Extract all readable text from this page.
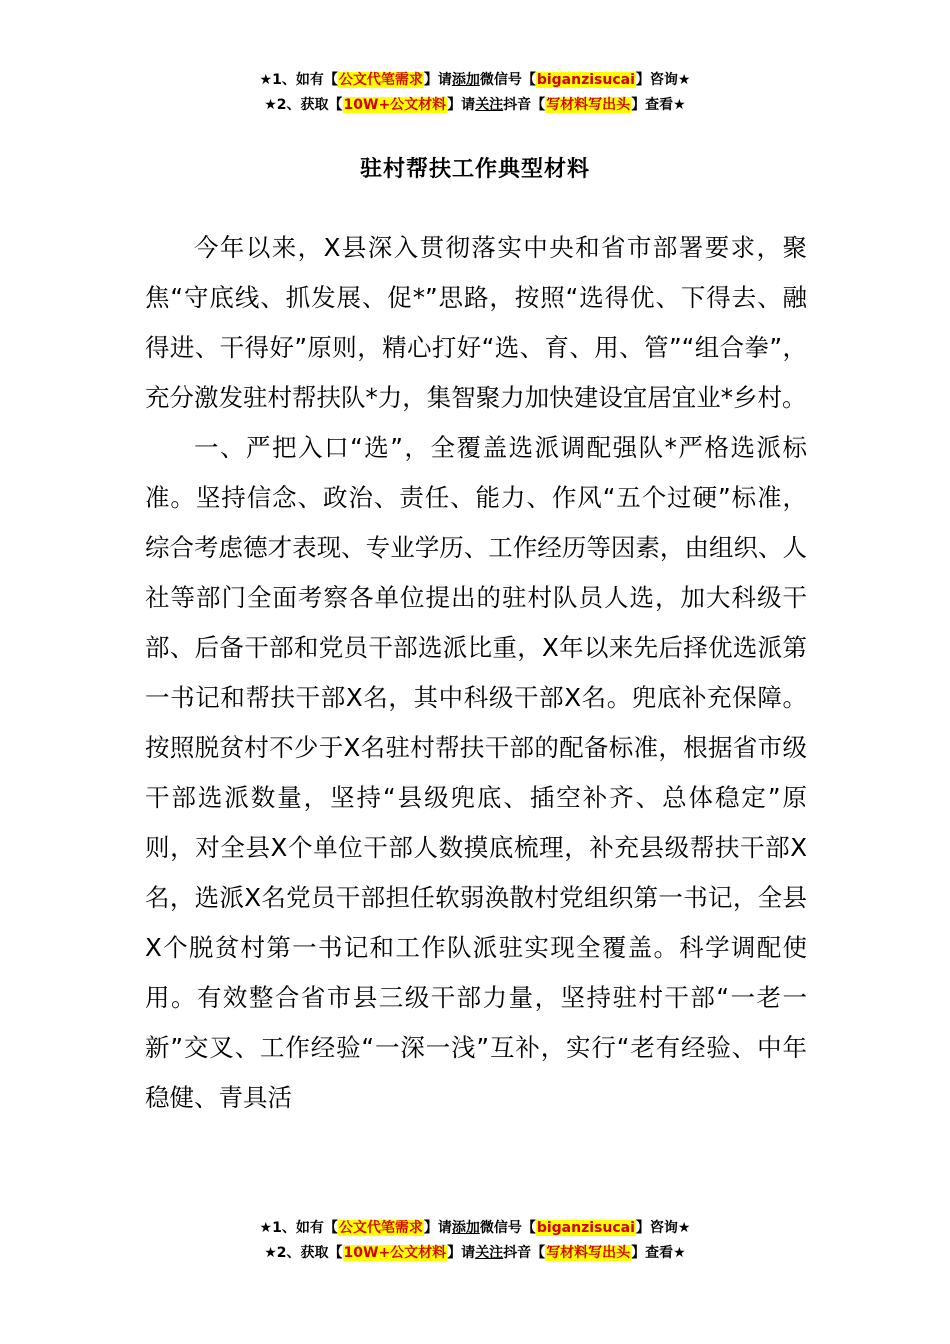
★1、如有【公文代笔需求】请添加微信号【biganzisucai】咨询★
★2、获取【10W+公文材料】请关注抖音【写材料写出头】查看★
驻村帮扶工作典型材料

今年以来，X县深入贯彻落实中央和省市部署要求，聚焦“守底线、抓发展、促*”思路，按照“选得优、下得去、融得进、干得好”原则，精心打好“选、育、用、管”“组合拳”，充分激发驻村帮扶队*力，集智聚力加快建设宜居宜业*乡村。

一、严把入口“选”，全覆盖选派调配强队*严格选派标准。坚持信念、政治、责任、能力、作风“五个过硬”标准，综合考虑德才表现、专业学历、工作经历等因素，由组织、人社等部门全面考察各单位提出的驻村队员人选，加大科级干部、后备干部和党员干部选派比重，X年以来先后择优选派第一书记和帮扶干部X名，其中科级干部X名。兜底补充保障。按照脱贫村不少于X名驻村帮扶干部的配备标准，根据省市级干部选派数量，坚持“县级兜底、插空补齐、总体稳定”原则，对全县X个单位干部人数摸底梳理，补充县级帮扶干部X名，选派X名党员干部担任软弱涣散村党组织第一书记，全县X个脱贫村第一书记和工作队派驻实现全覆盖。科学调配使用。有效整合省市县三级干部力量，坚持驻村干部“一老一新”交叉、工作经验“一深一浅”互补，实行“老有经验、中年稳健、青具活

★1、如有【公文代笔需求】请添加微信号【biganzisucai】咨询★
★2、获取【10W+公文材料】请关注抖音【写材料写出头】查看★
